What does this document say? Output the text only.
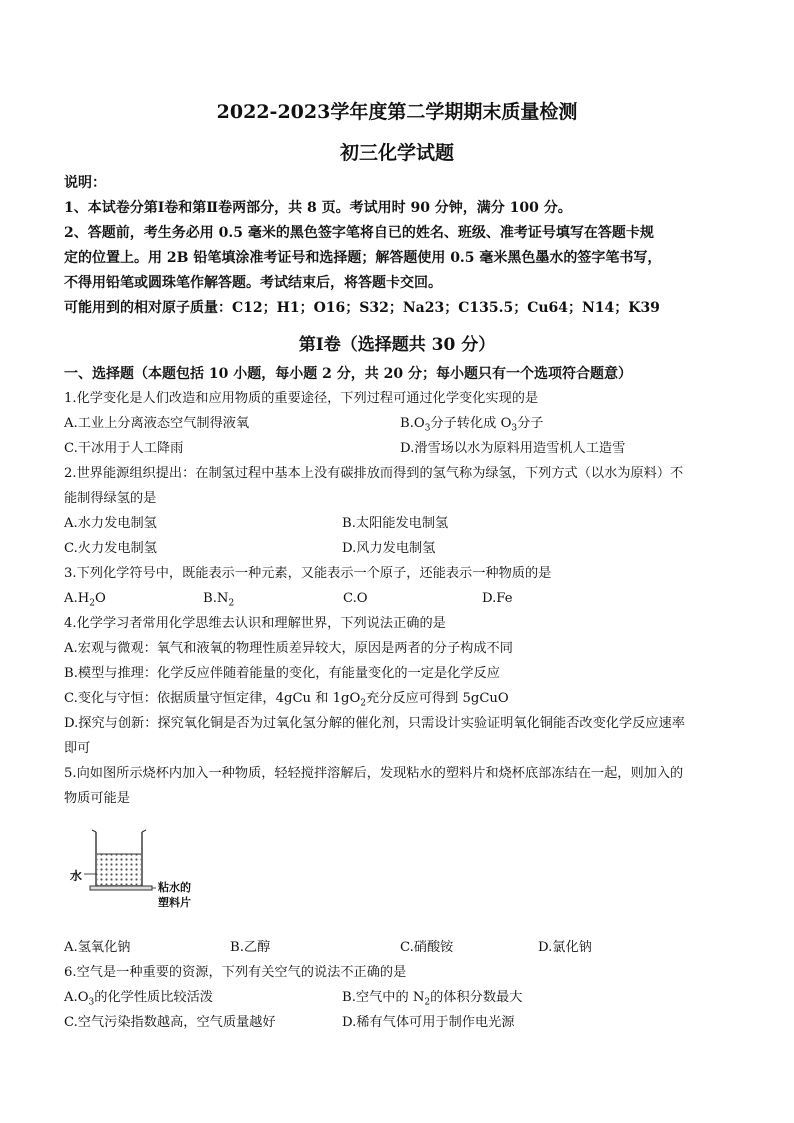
2022-2023学年度第二学期期末质量检测
初三化学试题
说明：
1、本试卷分第Ⅰ卷和第Ⅱ卷两部分，共 8 页。考试用时 90 分钟，满分 100 分。
2、答题前，考生务必用 0.5 毫米的黑色签字笔将自已的姓名、班级、准考证号填写在答题卡规
定的位置上。用 2B 铅笔填涂准考证号和选择题；解答题使用 0.5 毫米黑色墨水的签字笔书写，
不得用铅笔或圆珠笔作解答题。考试结束后，将答题卡交回。
可能用到的相对原子质量：C12；H1；O16；S32；Na23；C135.5；Cu64；N14；K39
第Ⅰ卷（选择题共 30 分）
一、选择题（本题包括 10 小题，每小题 2 分，共 20 分；每小题只有一个选项符合题意）
1.化学变化是人们改造和应用物质的重要途径，下列过程可通过化学变化实现的是
A.工业上分离液态空气制得液氧	$B.O_3$分子转化成 $O_3$分子
C.干冰用于人工降雨	D.滑雪场以水为原料用造雪机人工造雪
2.世界能源组织提出：在制氢过程中基本上没有碳排放而得到的氢气称为绿氢，下列方式（以水为原料）不
能制得绿氢的是
A.水力发电制氢	B.太阳能发电制氢
C.火力发电制氢	D.风力发电制氢
3.下列化学符号中，既能表示一种元素，又能表示一个原子，还能表示一种物质的是
$A.H_2O$	$B.N_2$	C.O	D.Fe
4.化学学习者常用化学思维去认识和理解世界，下列说法正确的是
A.宏观与微观：氧气和液氧的物理性质差异较大，原因是两者的分子构成不同
B.模型与推理：化学反应伴随着能量的变化，有能量变化的一定是化学反应
C.变化与守恒：依据质量守恒定律，4gCu 和 $1gO_2$充分反应可得到 5gCuO
D.探究与创新：探究氧化铜是否为过氧化氢分解的催化剂，只需设计实验证明氧化铜能否改变化学反应速率
即可
5.向如图所示烧杯内加入一种物质，轻轻搅拌溶解后，发现粘水的塑料片和烧杯底部冻结在一起，则加入的
物质可能是
水
粘水的
塑料片
A.氢氧化钠	B.乙醇	C.硝酸铵	D.氯化钠
6.空气是一种重要的资源，下列有关空气的说法不正确的是
$A.O_3$的化学性质比较活泼	B.空气中的 $N_2$的体积分数最大
C.空气污染指数越高，空气质量越好	D.稀有气体可用于制作电光源
